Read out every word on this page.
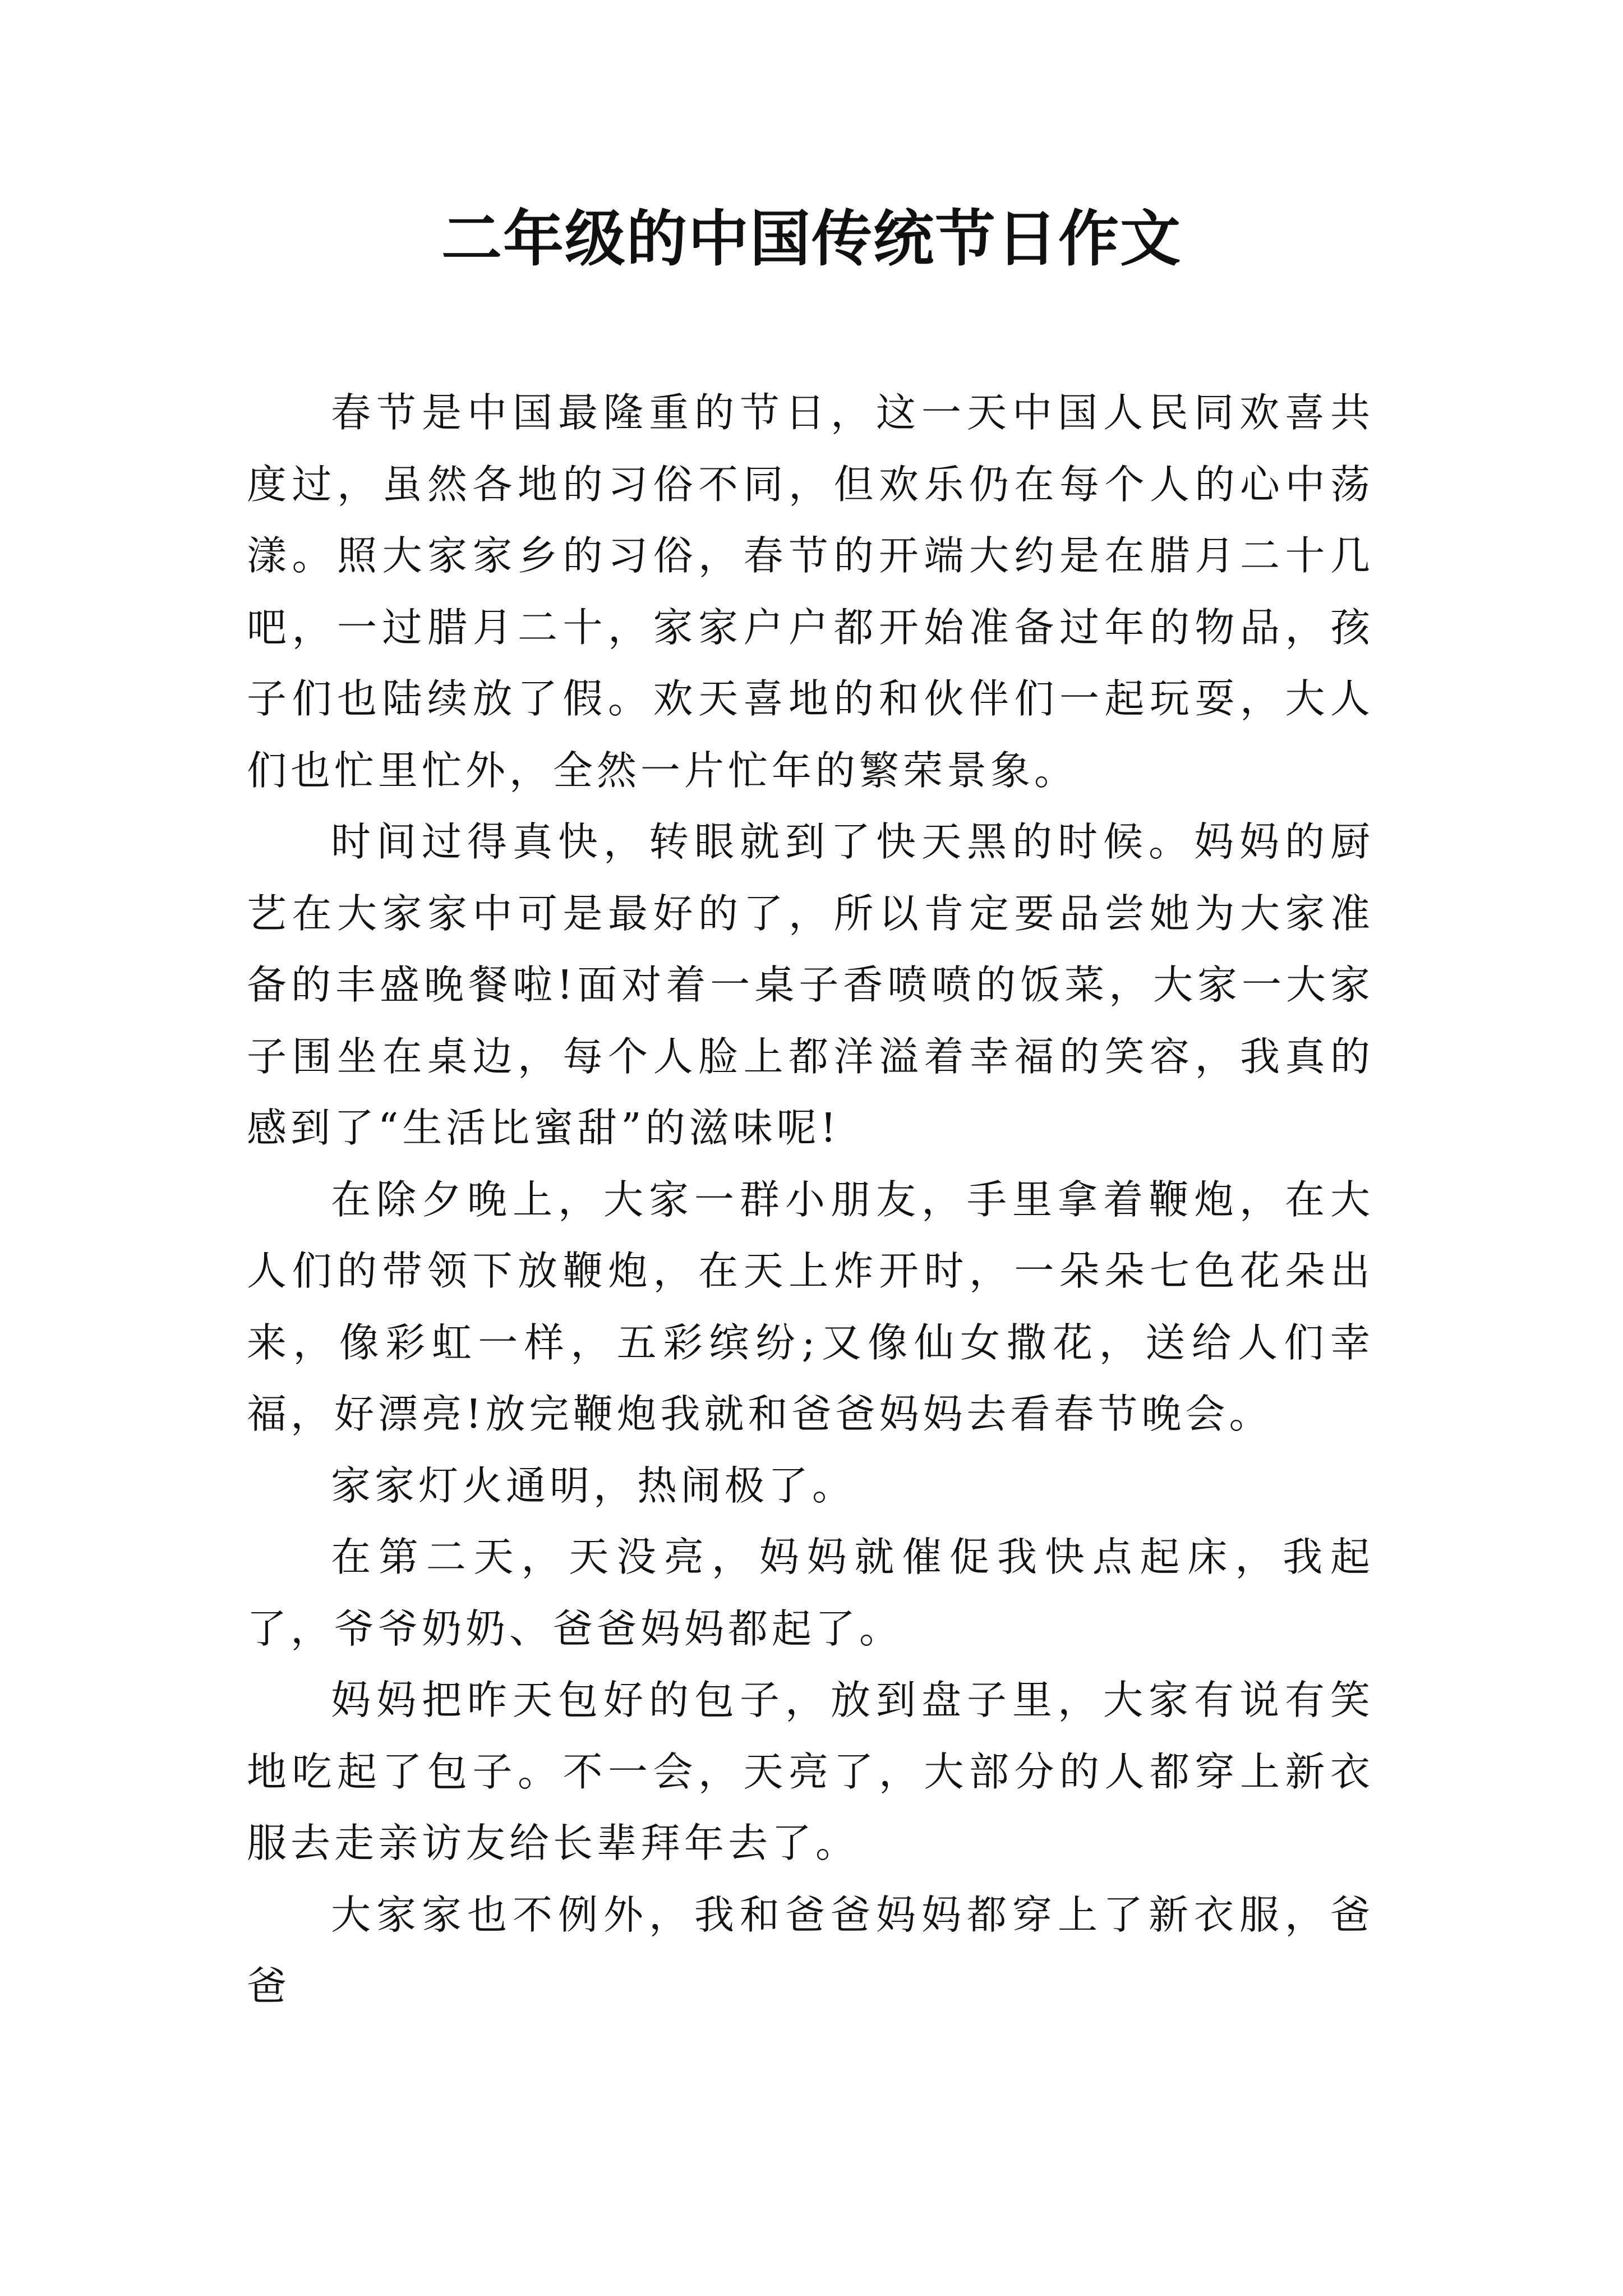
二年级的中国传统节日作文

春节是中国最隆重的节日，这一天中国人民同欢喜共度过，虽然各地的习俗不同，但欢乐仍在每个人的心中荡漾。照大家家乡的习俗，春节的开端大约是在腊月二十几吧，一过腊月二十，家家户户都开始准备过年的物品，孩子们也陆续放了假。欢天喜地的和伙伴们一起玩耍，大人们也忙里忙外，全然一片忙年的繁荣景象。

时间过得真快，转眼就到了快天黑的时候。妈妈的厨艺在大家家中可是最好的了，所以肯定要品尝她为大家准备的丰盛晚餐啦!面对着一桌子香喷喷的饭菜，大家一大家子围坐在桌边，每个人脸上都洋溢着幸福的笑容，我真的感到了“生活比蜜甜”的滋味呢!

在除夕晚上，大家一群小朋友，手里拿着鞭炮，在大人们的带领下放鞭炮，在天上炸开时，一朵朵七色花朵出来，像彩虹一样，五彩缤纷;又像仙女撒花，送给人们幸福，好漂亮!放完鞭炮我就和爸爸妈妈去看春节晚会。

家家灯火通明，热闹极了。

在第二天，天没亮，妈妈就催促我快点起床，我起了，爷爷奶奶、爸爸妈妈都起了。

妈妈把昨天包好的包子，放到盘子里，大家有说有笑地吃起了包子。不一会，天亮了，大部分的人都穿上新衣服去走亲访友给长辈拜年去了。

大家家也不例外，我和爸爸妈妈都穿上了新衣服，爸爸
